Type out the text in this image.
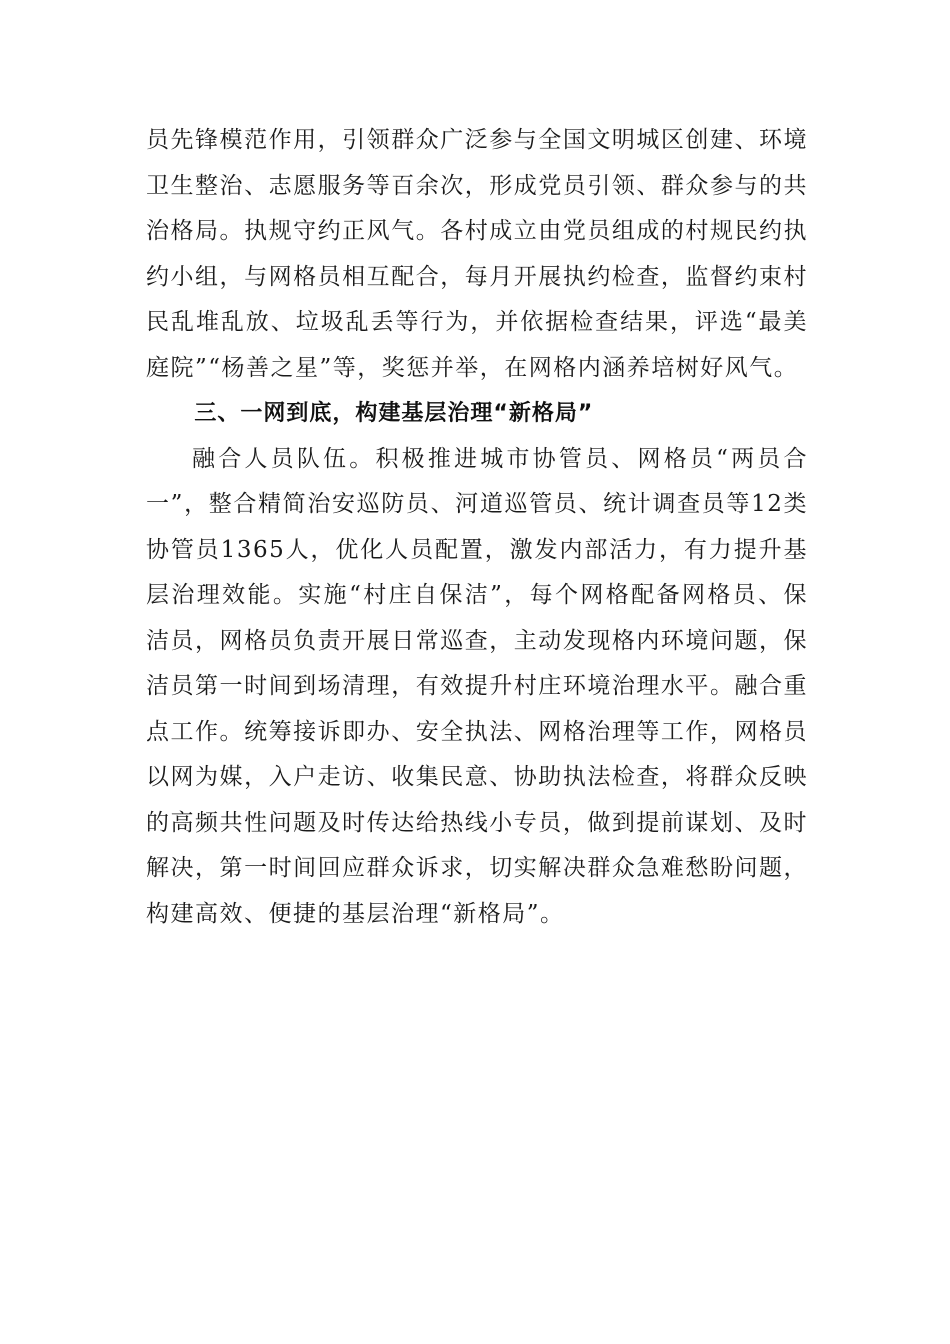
员先锋模范作用，引领群众广泛参与全国文明城区创建、环境卫生整治、志愿服务等百余次，形成党员引领、群众参与的共治格局。执规守约正风气。各村成立由党员组成的村规民约执约小组，与网格员相互配合，每月开展执约检查，监督约束村民乱堆乱放、垃圾乱丢等行为，并依据检查结果，评选“最美庭院”“杨善之星”等，奖惩并举，在网格内涵养培树好风气。

三、一网到底，构建基层治理“新格局”

融合人员队伍。积极推进城市协管员、网格员“两员合一”，整合精简治安巡防员、河道巡管员、统计调查员等12类协管员1365人，优化人员配置，激发内部活力，有力提升基层治理效能。实施“村庄自保洁”，每个网格配备网格员、保洁员，网格员负责开展日常巡查，主动发现格内环境问题，保洁员第一时间到场清理，有效提升村庄环境治理水平。融合重点工作。统筹接诉即办、安全执法、网格治理等工作，网格员以网为媒，入户走访、收集民意、协助执法检查，将群众反映的高频共性问题及时传达给热线小专员，做到提前谋划、及时解决，第一时间回应群众诉求，切实解决群众急难愁盼问题，构建高效、便捷的基层治理“新格局”。
